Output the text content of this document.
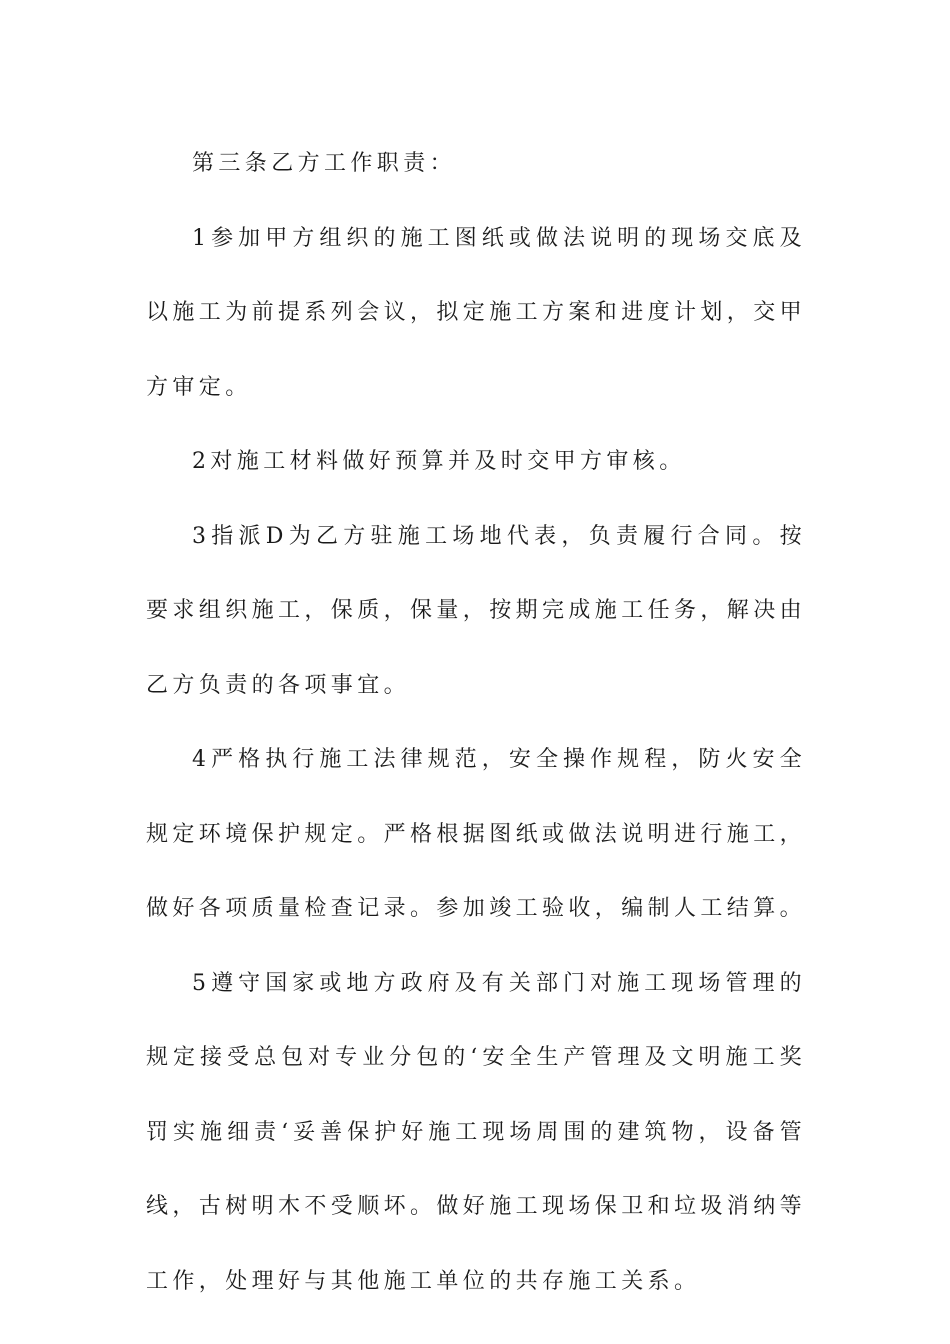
第三条乙方工作职责：

1参加甲方组织的施工图纸或做法说明的现场交底及以施工为前提系列会议，拟定施工方案和进度计划，交甲方审定。

2对施工材料做好预算并及时交甲方审核。

3指派D为乙方驻施工场地代表，负责履行合同。按要求组织施工，保质，保量，按期完成施工任务，解决由乙方负责的各项事宜。

4严格执行施工法律规范，安全操作规程，防火安全规定环境保护规定。严格根据图纸或做法说明进行施工，做好各项质量检查记录。参加竣工验收，编制人工结算。

5遵守国家或地方政府及有关部门对施工现场管理的规定接受总包对专业分包的‘安全生产管理及文明施工奖罚实施细责‘妥善保护好施工现场周围的建筑物，设备管线，古树明木不受顺坏。做好施工现场保卫和垃圾消纳等工作，处理好与其他施工单位的共存施工关系。
